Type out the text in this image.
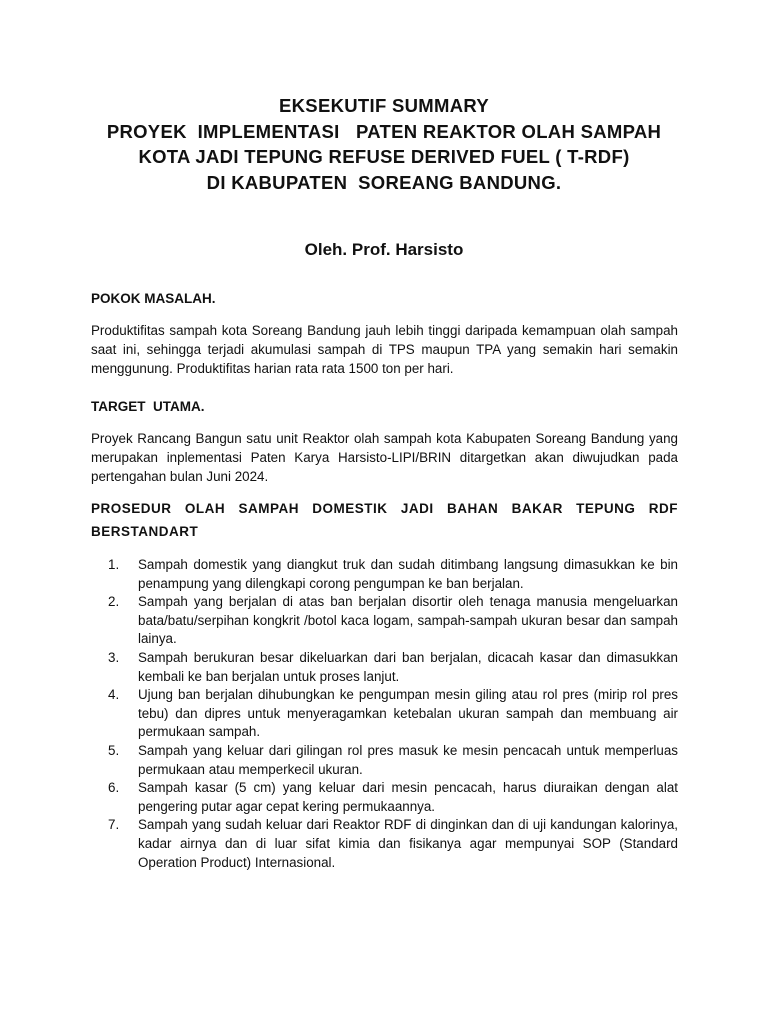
EKSEKUTIF SUMMARY
PROYEK  IMPLEMENTASI   PATEN REAKTOR OLAH SAMPAH
KOTA JADI TEPUNG REFUSE DERIVED FUEL ( T-RDF)
DI KABUPATEN  SOREANG BANDUNG.
Oleh. Prof. Harsisto
POKOK MASALAH.
Produktifitas sampah kota Soreang Bandung jauh lebih tinggi daripada kemampuan olah sampah saat ini, sehingga terjadi akumulasi sampah di TPS maupun TPA yang semakin hari semakin menggunung. Produktifitas harian rata rata 1500 ton per hari.
TARGET  UTAMA.
Proyek Rancang Bangun satu unit Reaktor olah sampah kota Kabupaten Soreang Bandung yang merupakan inplementasi Paten Karya Harsisto-LIPI/BRIN ditargetkan akan diwujudkan pada pertengahan bulan Juni 2024.
PROSEDUR OLAH SAMPAH DOMESTIK JADI BAHAN BAKAR TEPUNG RDF
BERSTANDART
1. Sampah domestik yang diangkut truk dan sudah ditimbang langsung dimasukkan ke bin penampung yang dilengkapi corong pengumpan ke ban berjalan.
2. Sampah yang berjalan di atas ban berjalan disortir oleh tenaga manusia mengeluarkan bata/batu/serpihan kongkrit /botol kaca logam, sampah-sampah ukuran besar dan sampah lainya.
3. Sampah berukuran besar dikeluarkan dari ban berjalan, dicacah kasar dan dimasukkan kembali ke ban berjalan untuk proses lanjut.
4. Ujung ban berjalan dihubungkan ke pengumpan mesin giling atau rol pres (mirip rol pres tebu) dan dipres untuk menyeragamkan ketebalan ukuran sampah dan membuang air permukaan sampah.
5. Sampah yang keluar dari gilingan rol pres masuk ke mesin pencacah untuk memperluas permukaan atau memperkecil ukuran.
6. Sampah kasar (5 cm) yang keluar dari mesin pencacah, harus diuraikan dengan alat pengering putar agar cepat kering permukaannya.
7. Sampah yang sudah keluar dari Reaktor RDF di dinginkan dan di uji kandungan kalorinya, kadar airnya dan di luar sifat kimia dan fisikanya agar mempunyai SOP (Standard Operation Product) Internasional.
